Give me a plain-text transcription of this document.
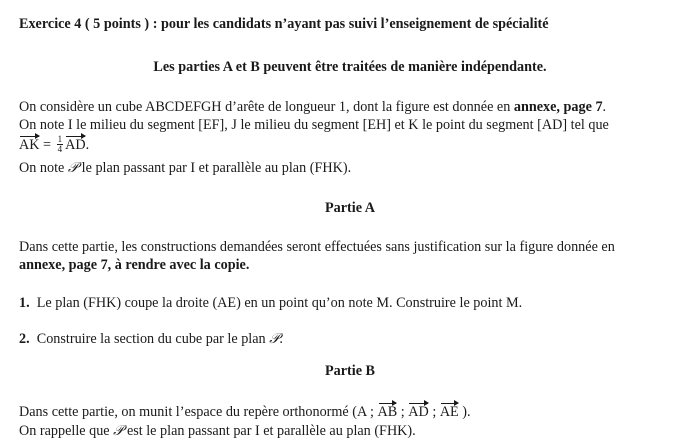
Exercice 4 ( 5 points ) : pour les candidats n’ayant pas suivi l’enseignement de spécialité
Les parties A et B peuvent être traitées de manière indépendante.
On considère un cube ABCDEFGH d’arête de longueur 1, dont la figure est donnée en annexe, page 7.
On note I le milieu du segment [EF], J le milieu du segment [EH] et K le point du segment [AD] tel que
AK = $\frac{1}{4}$ AD.
On note 𝒫 le plan passant par I et parallèle au plan (FHK).
Partie A
Dans cette partie, les constructions demandées seront effectuées sans justification sur la figure donnée en
annexe, page 7, à rendre avec la copie.
1. Le plan (FHK) coupe la droite (AE) en un point qu’on note M. Construire le point M.
2. Construire la section du cube par le plan 𝒫.
Partie B
Dans cette partie, on munit l’espace du repère orthonormé (A ; AB ; AD ; AE ).
On rappelle que 𝒫 est le plan passant par I et parallèle au plan (FHK).
